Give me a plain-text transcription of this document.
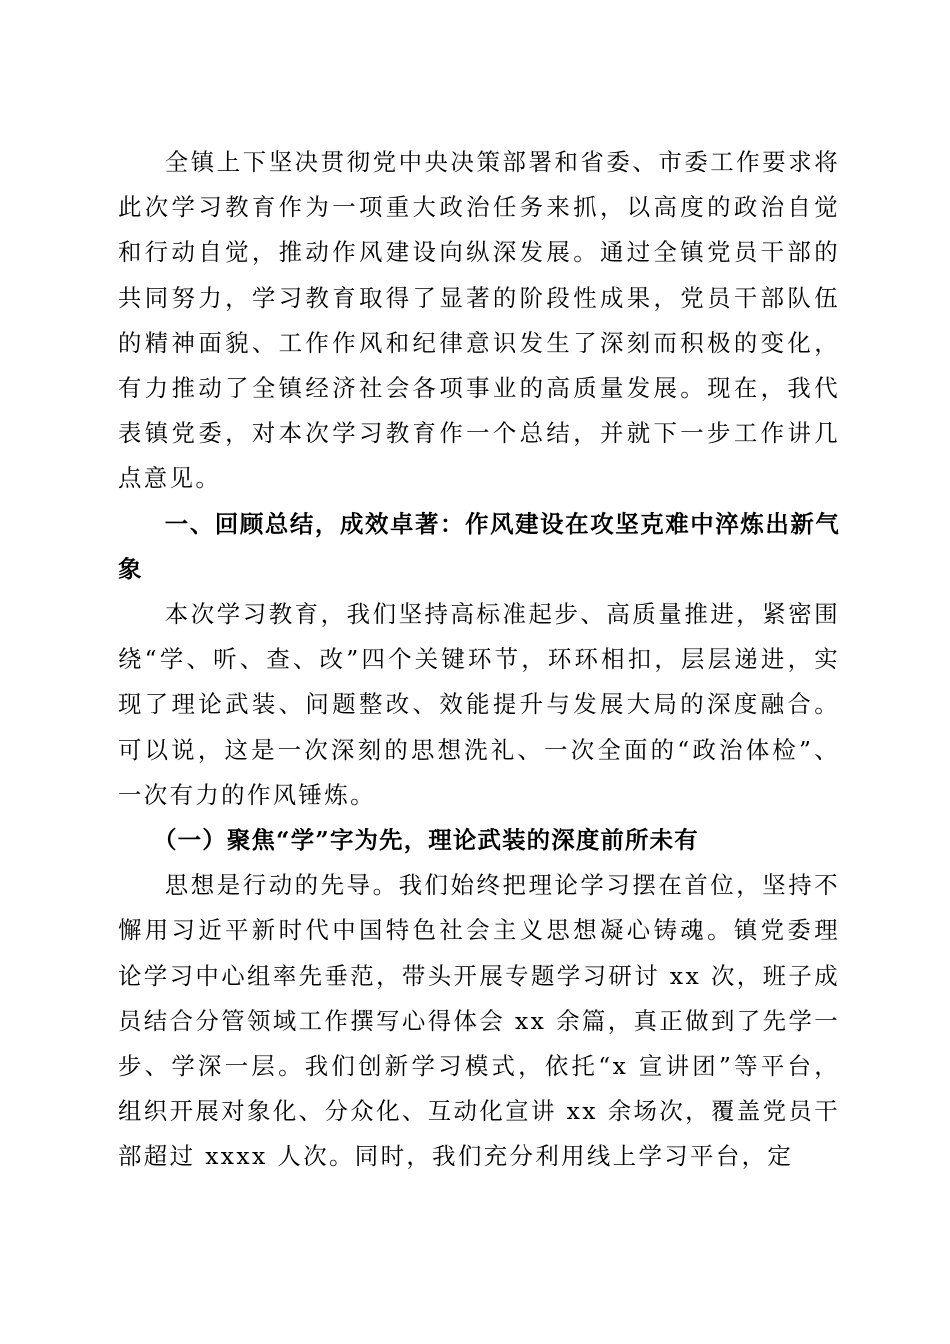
全镇上下坚决贯彻党中央决策部署和省委、市委工作要求将此次学习教育作为一项重大政治任务来抓，以高度的政治自觉和行动自觉，推动作风建设向纵深发展。通过全镇党员干部的共同努力，学习教育取得了显著的阶段性成果，党员干部队伍的精神面貌、工作作风和纪律意识发生了深刻而积极的变化，有力推动了全镇经济社会各项事业的高质量发展。现在，我代表镇党委，对本次学习教育作一个总结，并就下一步工作讲几点意见。

一、回顾总结，成效卓著：作风建设在攻坚克难中淬炼出新气象

本次学习教育，我们坚持高标准起步、高质量推进，紧密围绕“学、听、查、改”四个关键环节，环环相扣，层层递进，实现了理论武装、问题整改、效能提升与发展大局的深度融合。可以说，这是一次深刻的思想洗礼、一次全面的“政治体检”、一次有力的作风锤炼。

（一）聚焦“学”字为先，理论武装的深度前所未有

思想是行动的先导。我们始终把理论学习摆在首位，坚持不懈用习近平新时代中国特色社会主义思想凝心铸魂。镇党委理论学习中心组率先垂范，带头开展专题学习研讨 xx 次，班子成员结合分管领域工作撰写心得体会 xx 余篇，真正做到了先学一步、学深一层。我们创新学习模式，依托“x 宣讲团”等平台，组织开展对象化、分众化、互动化宣讲 xx 余场次，覆盖党员干部超过 xxxx 人次。同时，我们充分利用线上学习平台，定
